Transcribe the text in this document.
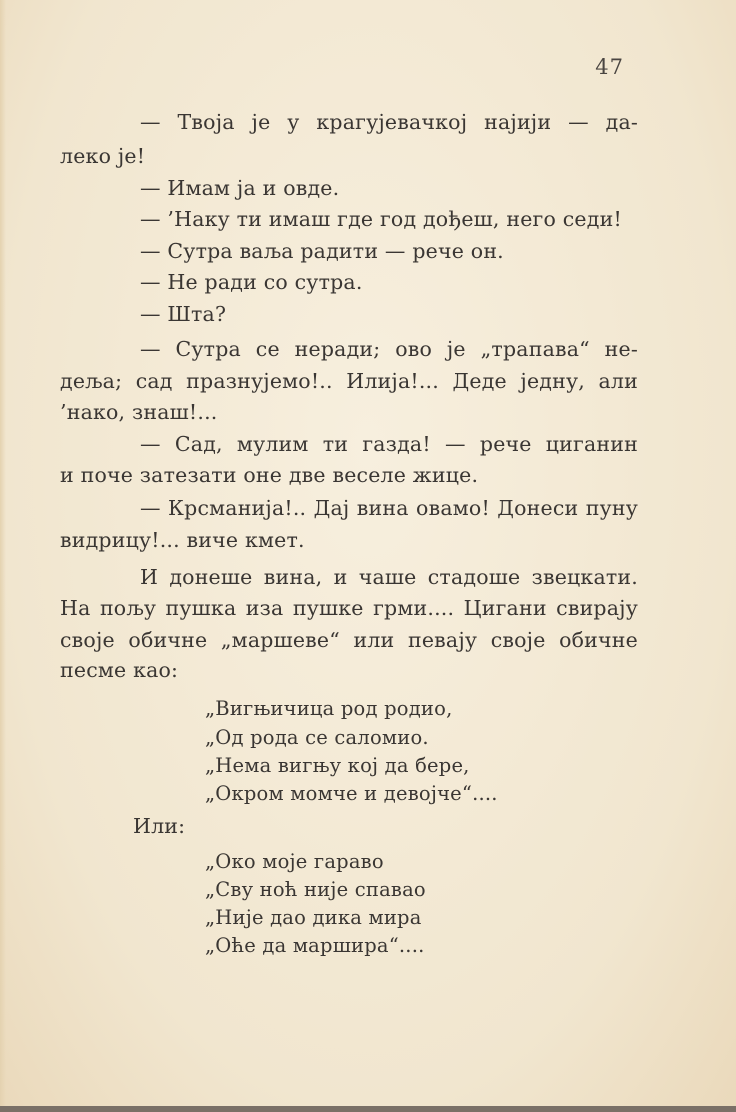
47
— Твоја је у крагујевачкој најији — да-
леко је!
— Имам ја и овде.
— ’Наку ти имаш где год дођеш, него седи!
— Сутра ваља радити — рече он.
— Не ради со сутра.
— Шта?
— Сутра се неради; ово је „трапава“ не-
деља; сад празнујемо!.. Илија!... Деде једну, али
’нако, знаш!...
— Сад, мулим ти газда! — рече циганин
и поче затезати оне две веселе жице.
— Крсманија!.. Дај вина овамо! Донеси пуну
видрицу!... виче кмет.
И донеше вина, и чаше стадоше звецкати.
На пољу пушка иза пушке грми.... Цигани свирају
своје обичне „маршеве“ или певају своје обичне
песме као:
„Вигњичица род родио,
„Од рода се саломио.
„Нема вигњу кој да бере,
„Окром момче и девојче“....
Или:
„Око моје гараво
„Сву ноћ није спавао
„Није дао дика мира
„Оће да маршира“....
